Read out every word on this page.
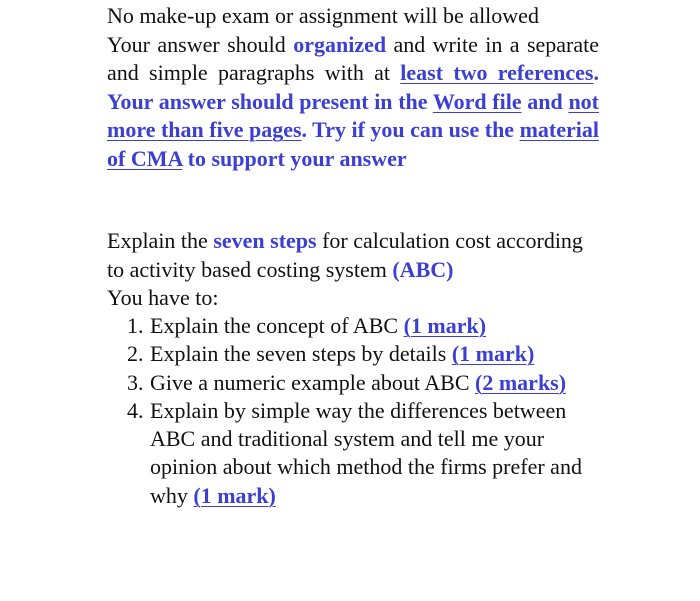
No make-up exam or assignment will be allowed
Your answer should organized and write in a separate and simple paragraphs with at least two references. Your answer should present in the Word file and not more than five pages. Try if you can use the material of CMA to support your answer
Explain the seven steps for calculation cost according to activity based costing system (ABC)
You have to:
1. Explain the concept of ABC (1 mark)
2. Explain the seven steps by details (1 mark)
3. Give a numeric example about ABC (2 marks)
4. Explain by simple way the differences between ABC and traditional system and tell me your opinion about which method the firms prefer and why (1 mark)
